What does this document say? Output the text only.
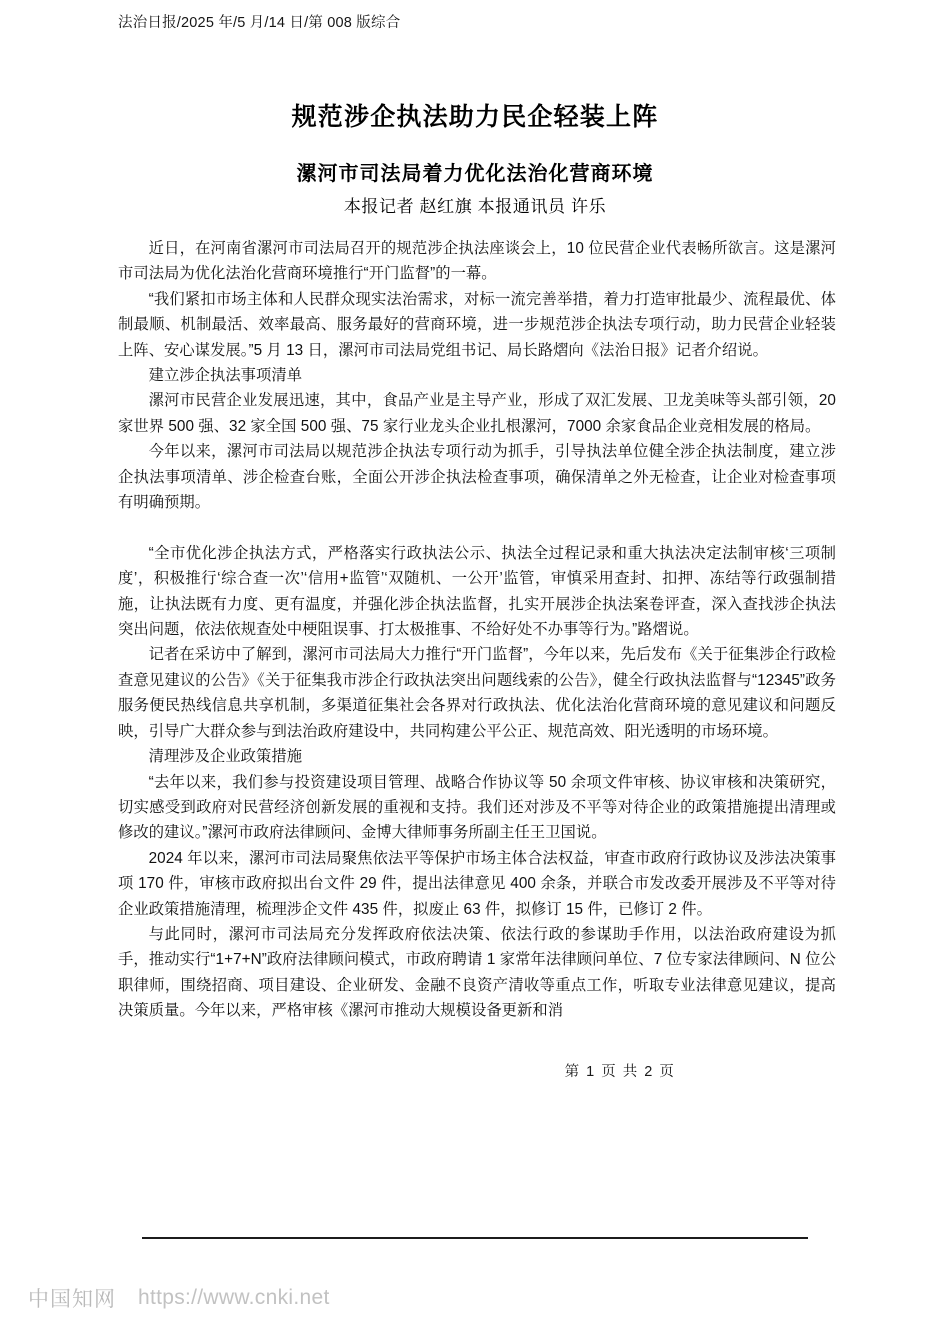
法治日报/2025 年/5 月/14 日/第 008 版综合
规范涉企执法助力民企轻装上阵
漯河市司法局着力优化法治化营商环境
本报记者 赵红旗 本报通讯员 许乐

近日，在河南省漯河市司法局召开的规范涉企执法座谈会上，10 位民营企业代表畅所欲言。这是漯河市司法局为优化法治化营商环境推行“开门监督”的一幕。

“我们紧扣市场主体和人民群众现实法治需求，对标一流完善举措，着力打造审批最少、流程最优、体制最顺、机制最活、效率最高、服务最好的营商环境，进一步规范涉企执法专项行动，助力民营企业轻装上阵、安心谋发展。”5 月 13 日，漯河市司法局党组书记、局长路熠向《法治日报》记者介绍说。

建立涉企执法事项清单

漯河市民营企业发展迅速，其中，食品产业是主导产业，形成了双汇发展、卫龙美味等头部引领，20 家世界 500 强、32 家全国 500 强、75 家行业龙头企业扎根漯河，7000 余家食品企业竞相发展的格局。

今年以来，漯河市司法局以规范涉企执法专项行动为抓手，引导执法单位健全涉企执法制度，建立涉企执法事项清单、涉企检查台账，全面公开涉企执法检查事项，确保清单之外无检查，让企业对检查事项有明确预期。

“全市优化涉企执法方式，严格落实行政执法公示、执法全过程记录和重大执法决定法制审核‘三项制度’，积极推行‘综合查一次’‘信用+监管’‘双随机、一公开’监管，审慎采用查封、扣押、冻结等行政强制措施，让执法既有力度、更有温度，并强化涉企执法监督，扎实开展涉企执法案卷评查，深入查找涉企执法突出问题，依法依规查处中梗阻误事、打太极推事、不给好处不办事等行为。”路熠说。

记者在采访中了解到，漯河市司法局大力推行“开门监督”，今年以来，先后发布《关于征集涉企行政检查意见建议的公告》《关于征集我市涉企行政执法突出问题线索的公告》，健全行政执法监督与“12345”政务服务便民热线信息共享机制，多渠道征集社会各界对行政执法、优化法治化营商环境的意见建议和问题反映，引导广大群众参与到法治政府建设中，共同构建公平公正、规范高效、阳光透明的市场环境。

清理涉及企业政策措施

“去年以来，我们参与投资建设项目管理、战略合作协议等 50 余项文件审核、协议审核和决策研究，切实感受到政府对民营经济创新发展的重视和支持。我们还对涉及不平等对待企业的政策措施提出清理或修改的建议。”漯河市政府法律顾问、金博大律师事务所副主任王卫国说。

2024 年以来，漯河市司法局聚焦依法平等保护市场主体合法权益，审查市政府行政协议及涉法决策事项 170 件，审核市政府拟出台文件 29 件，提出法律意见 400 余条，并联合市发改委开展涉及不平等对待企业政策措施清理，梳理涉企文件 435 件，拟废止 63 件，拟修订 15 件，已修订 2 件。

与此同时，漯河市司法局充分发挥政府依法决策、依法行政的参谋助手作用，以法治政府建设为抓手，推动实行“1+7+N”政府法律顾问模式，市政府聘请 1 家常年法律顾问单位、7 位专家法律顾问、N 位公职律师，围绕招商、项目建设、企业研发、金融不良资产清收等重点工作，听取专业法律意见建议，提高决策质量。今年以来，严格审核《漯河市推动大规模设备更新和消

第 1 页 共 2 页
中国知网 https://www.cnki.net
